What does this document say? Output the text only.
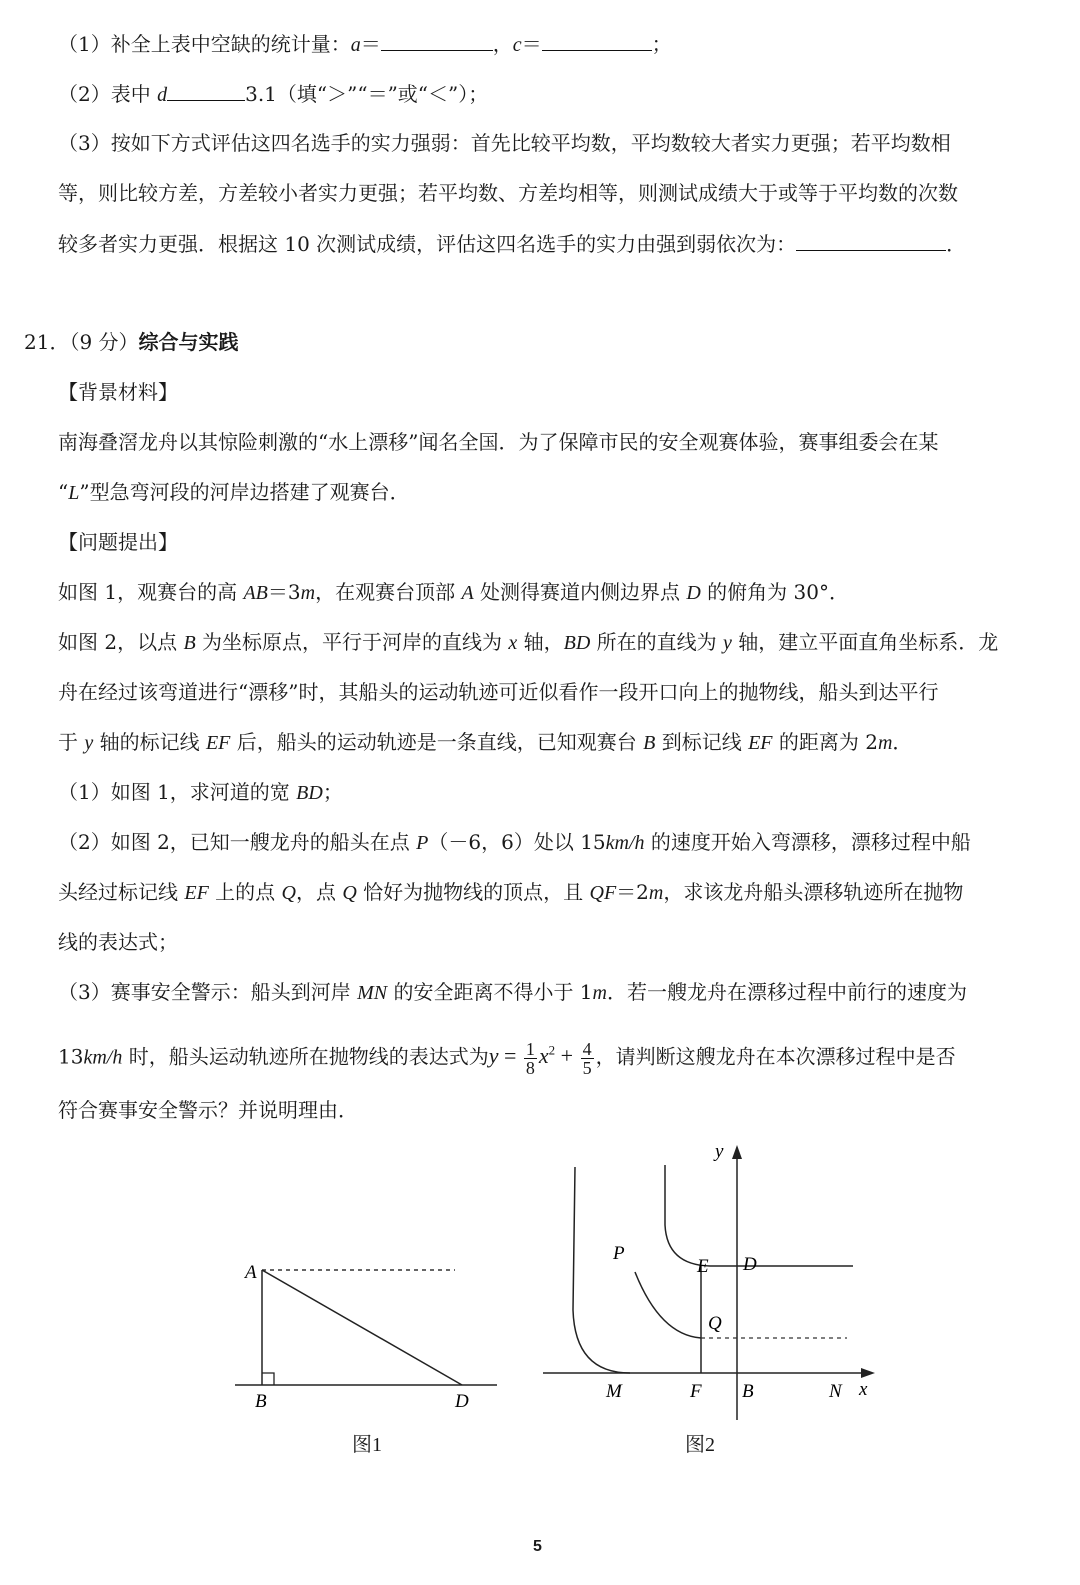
（1）补全上表中空缺的统计量：a＝	，c＝	；
（2）表中 d	3.1（填“＞”“＝”或“＜”）；
（3）按如下方式评估这四名选手的实力强弱：首先比较平均数，平均数较大者实力更强；若平均数相
等，则比较方差，方差较小者实力更强；若平均数、方差均相等，则测试成绩大于或等于平均数的次数
较多者实力更强．根据这 10 次测试成绩，评估这四名选手的实力由强到弱依次为：	．
21．（9 分）综合与实践
【背景材料】
南海叠滘龙舟以其惊险刺激的“水上漂移”闻名全国．为了保障市民的安全观赛体验，赛事组委会在某
“L”型急弯河段的河岸边搭建了观赛台．
【问题提出】
如图 1，观赛台的高 AB＝3m，在观赛台顶部 A 处测得赛道内侧边界点 D 的俯角为 30°．
如图 2，以点 B 为坐标原点，平行于河岸的直线为 x 轴，BD 所在的直线为 y 轴，建立平面直角坐标系．龙
舟在经过该弯道进行“漂移”时，其船头的运动轨迹可近似看作一段开口向上的抛物线，船头到达平行
于 y 轴的标记线 EF 后，船头的运动轨迹是一条直线，已知观赛台 B 到标记线 EF 的距离为 2m．
（1）如图 1，求河道的宽 BD；
（2）如图 2，已知一艘龙舟的船头在点 P（－6，6）处以 15km/h 的速度开始入弯漂移，漂移过程中船
头经过标记线 EF 上的点 Q，点 Q 恰好为抛物线的顶点，且 QF＝2m，求该龙舟船头漂移轨迹所在抛物
线的表达式；
（3）赛事安全警示：船头到河岸 MN 的安全距离不得小于 1m．若一艘龙舟在漂移过程中前行的速度为
13km/h 时，船头运动轨迹所在抛物线的表达式为$y = \frac{1}{8} x^2 + \frac{4}{5}$ ，请判断这艘龙舟在本次漂移过程中是否
符合赛事安全警示？并说明理由．
A
B	D
图1
y
x
P
E D
Q
M	F B	N
图2
5
